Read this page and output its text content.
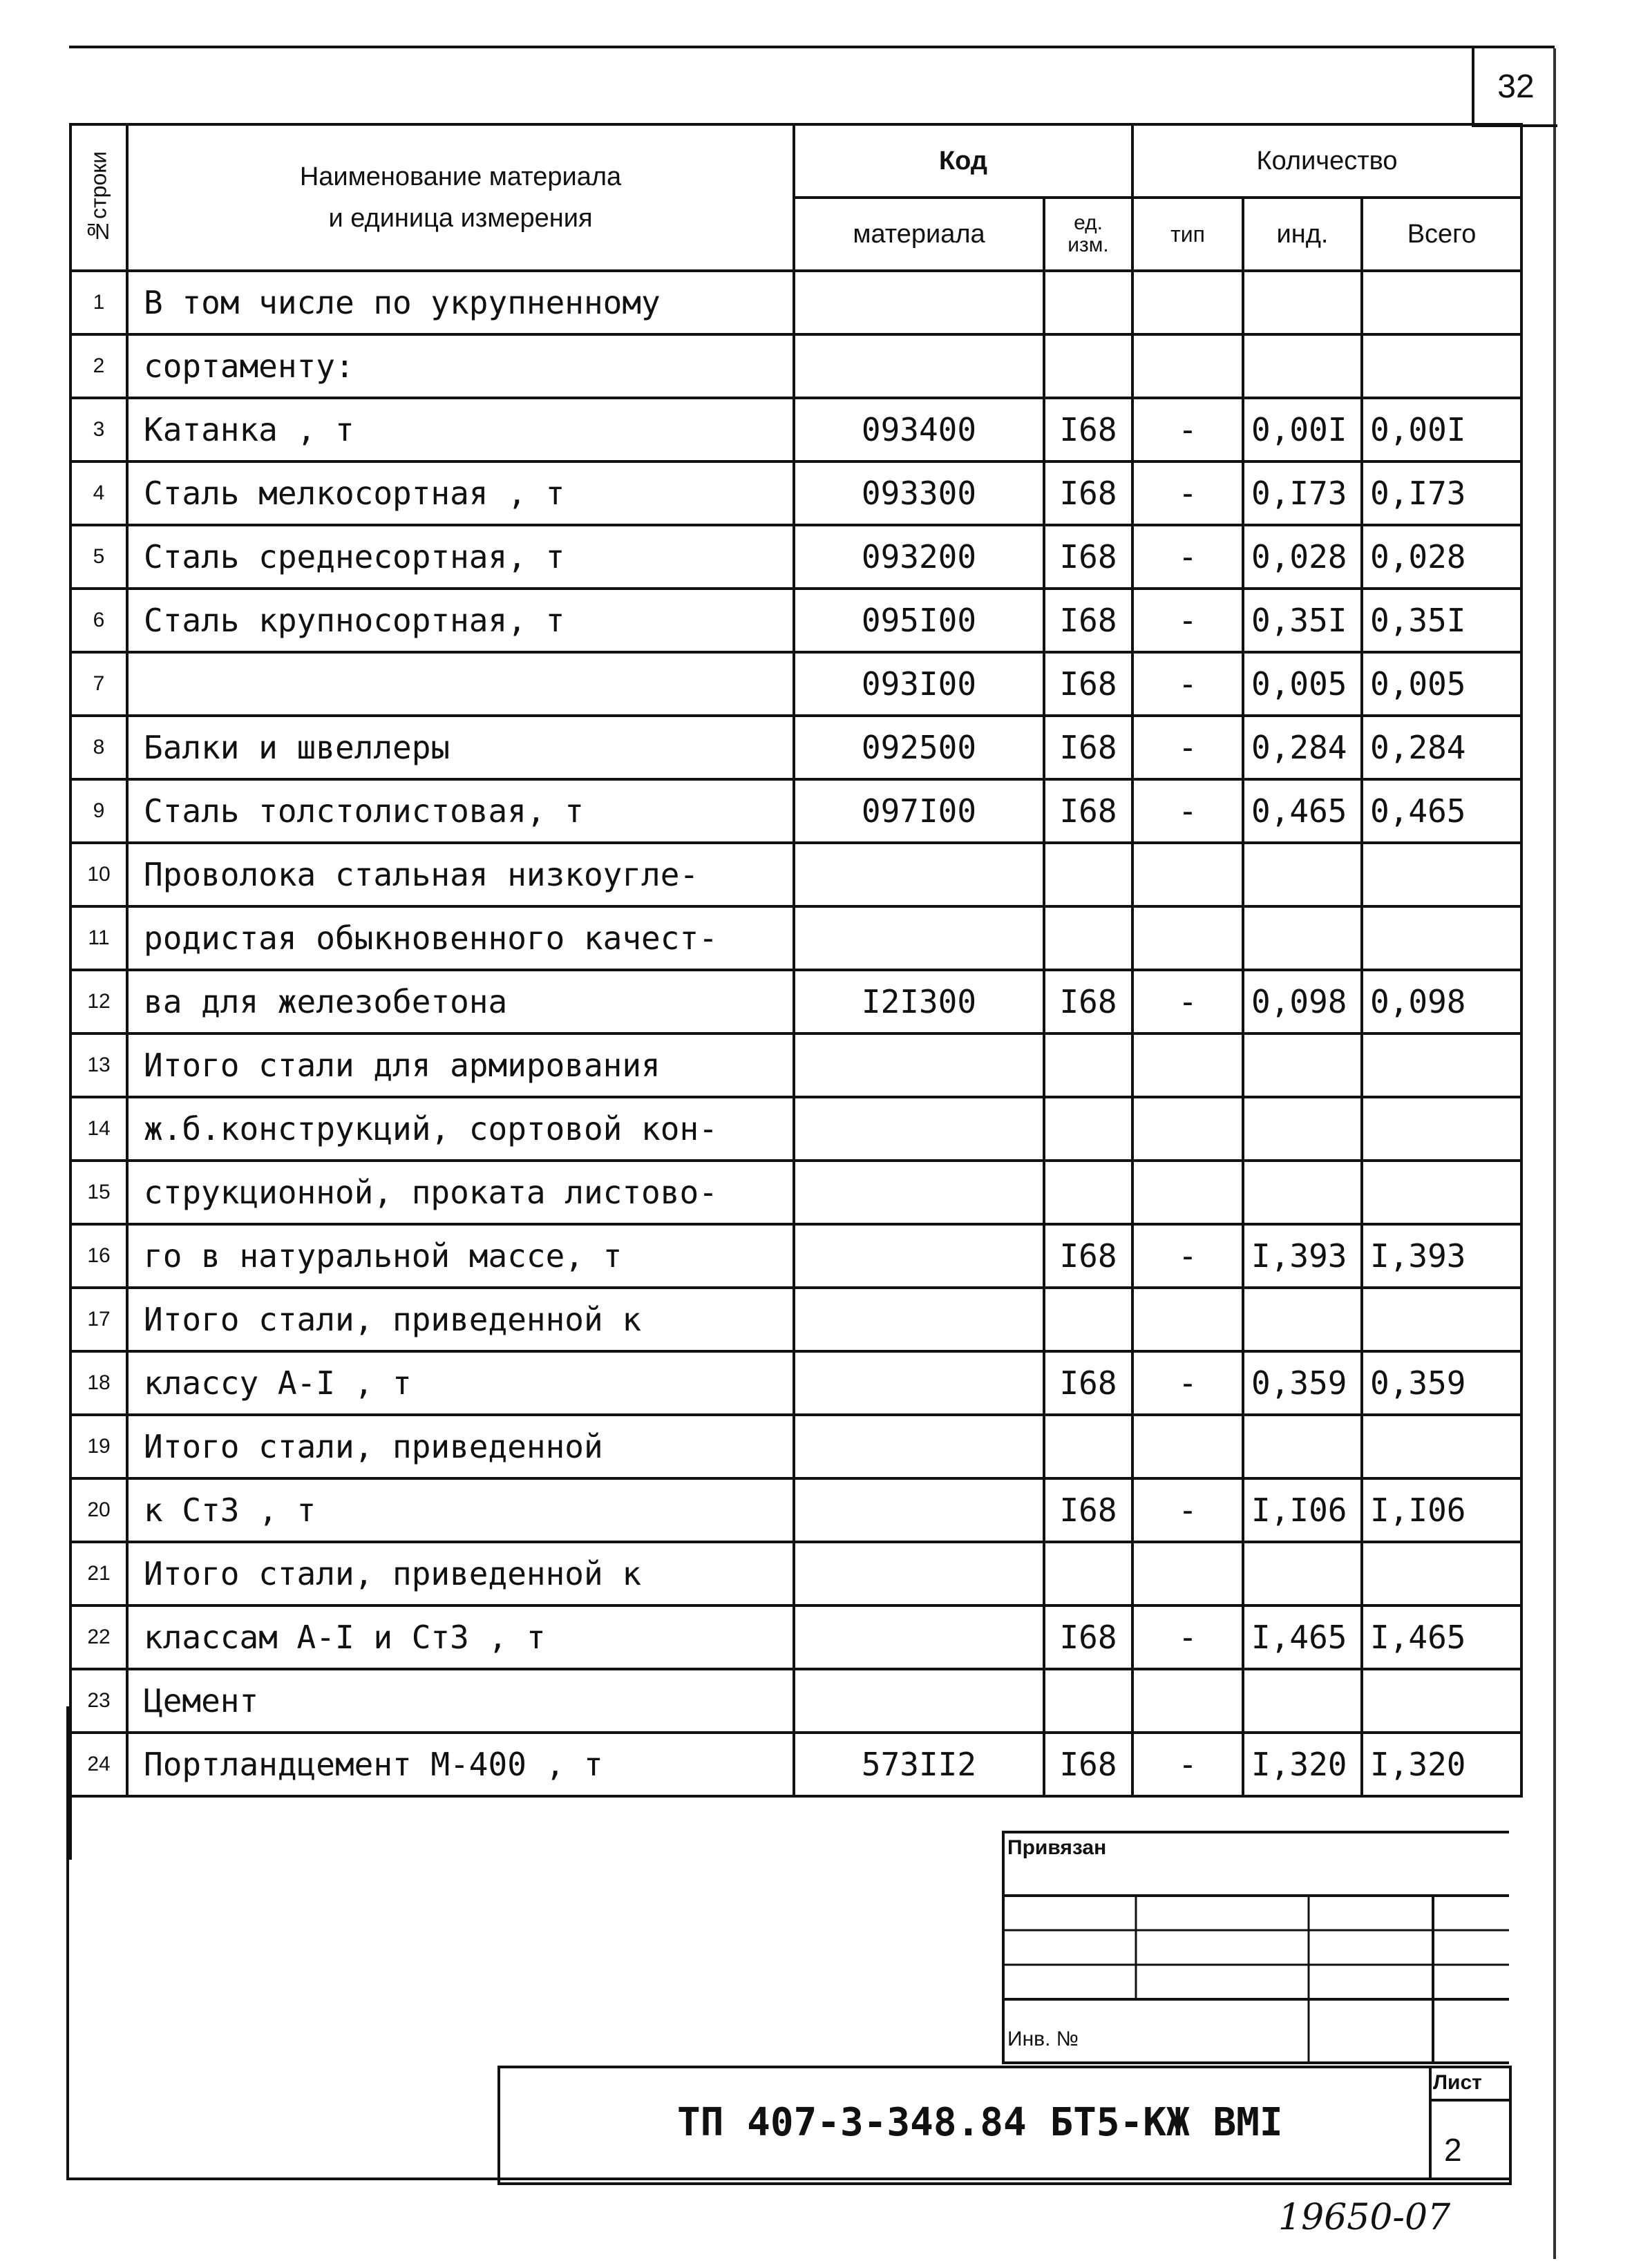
32
№строки	Наименование материала
и единица измерения	Код		Количество		
		материала	ед. изм.	тип	инд.	Всего
1	В том числе по укрупненному					
2	сортаменту:					
3	Катанка , т	093400	I68	-	0,00I	0,00I
4	Сталь мелкосортная , т	093300	I68	-	0,I73	0,I73
5	Сталь среднесортная, т	093200	I68	-	0,028	0,028
6	Сталь крупносортная, т	095I00	I68	-	0,35I	0,35I
7		093I00	I68	-	0,005	0,005
8	Балки и швеллеры	092500	I68	-	0,284	0,284
9	Сталь толстолистовая, т	097I00	I68	-	0,465	0,465
10	Проволока стальная низкоугле-					
11	родистая обыкновенного качест-					
12	ва для железобетона	I2I300	I68	-	0,098	0,098
13	Итого стали для армирования					
14	ж.б.конструкций, сортовой кон-					
15	струкционной, проката листово-					
16	го в натуральной массе, т		I68	-	I,393	I,393
17	Итого стали, приведенной к					
18	классу А-I , т		I68	-	0,359	0,359
19	Итого стали, приведенной					
20	к Ст3 , т		I68	-	I,I06	I,I06
21	Итого стали, приведенной к					
22	классам А-I и Ст3 , т		I68	-	I,465	I,465
23	Цемент					
24	Портландцемент М-400 , т	573II2	I68	-	I,320	I,320

Привязан
Инв. №
ТП 407-3-348.84 БТ5-КЖ ВМI
Лист
2
19650-07
